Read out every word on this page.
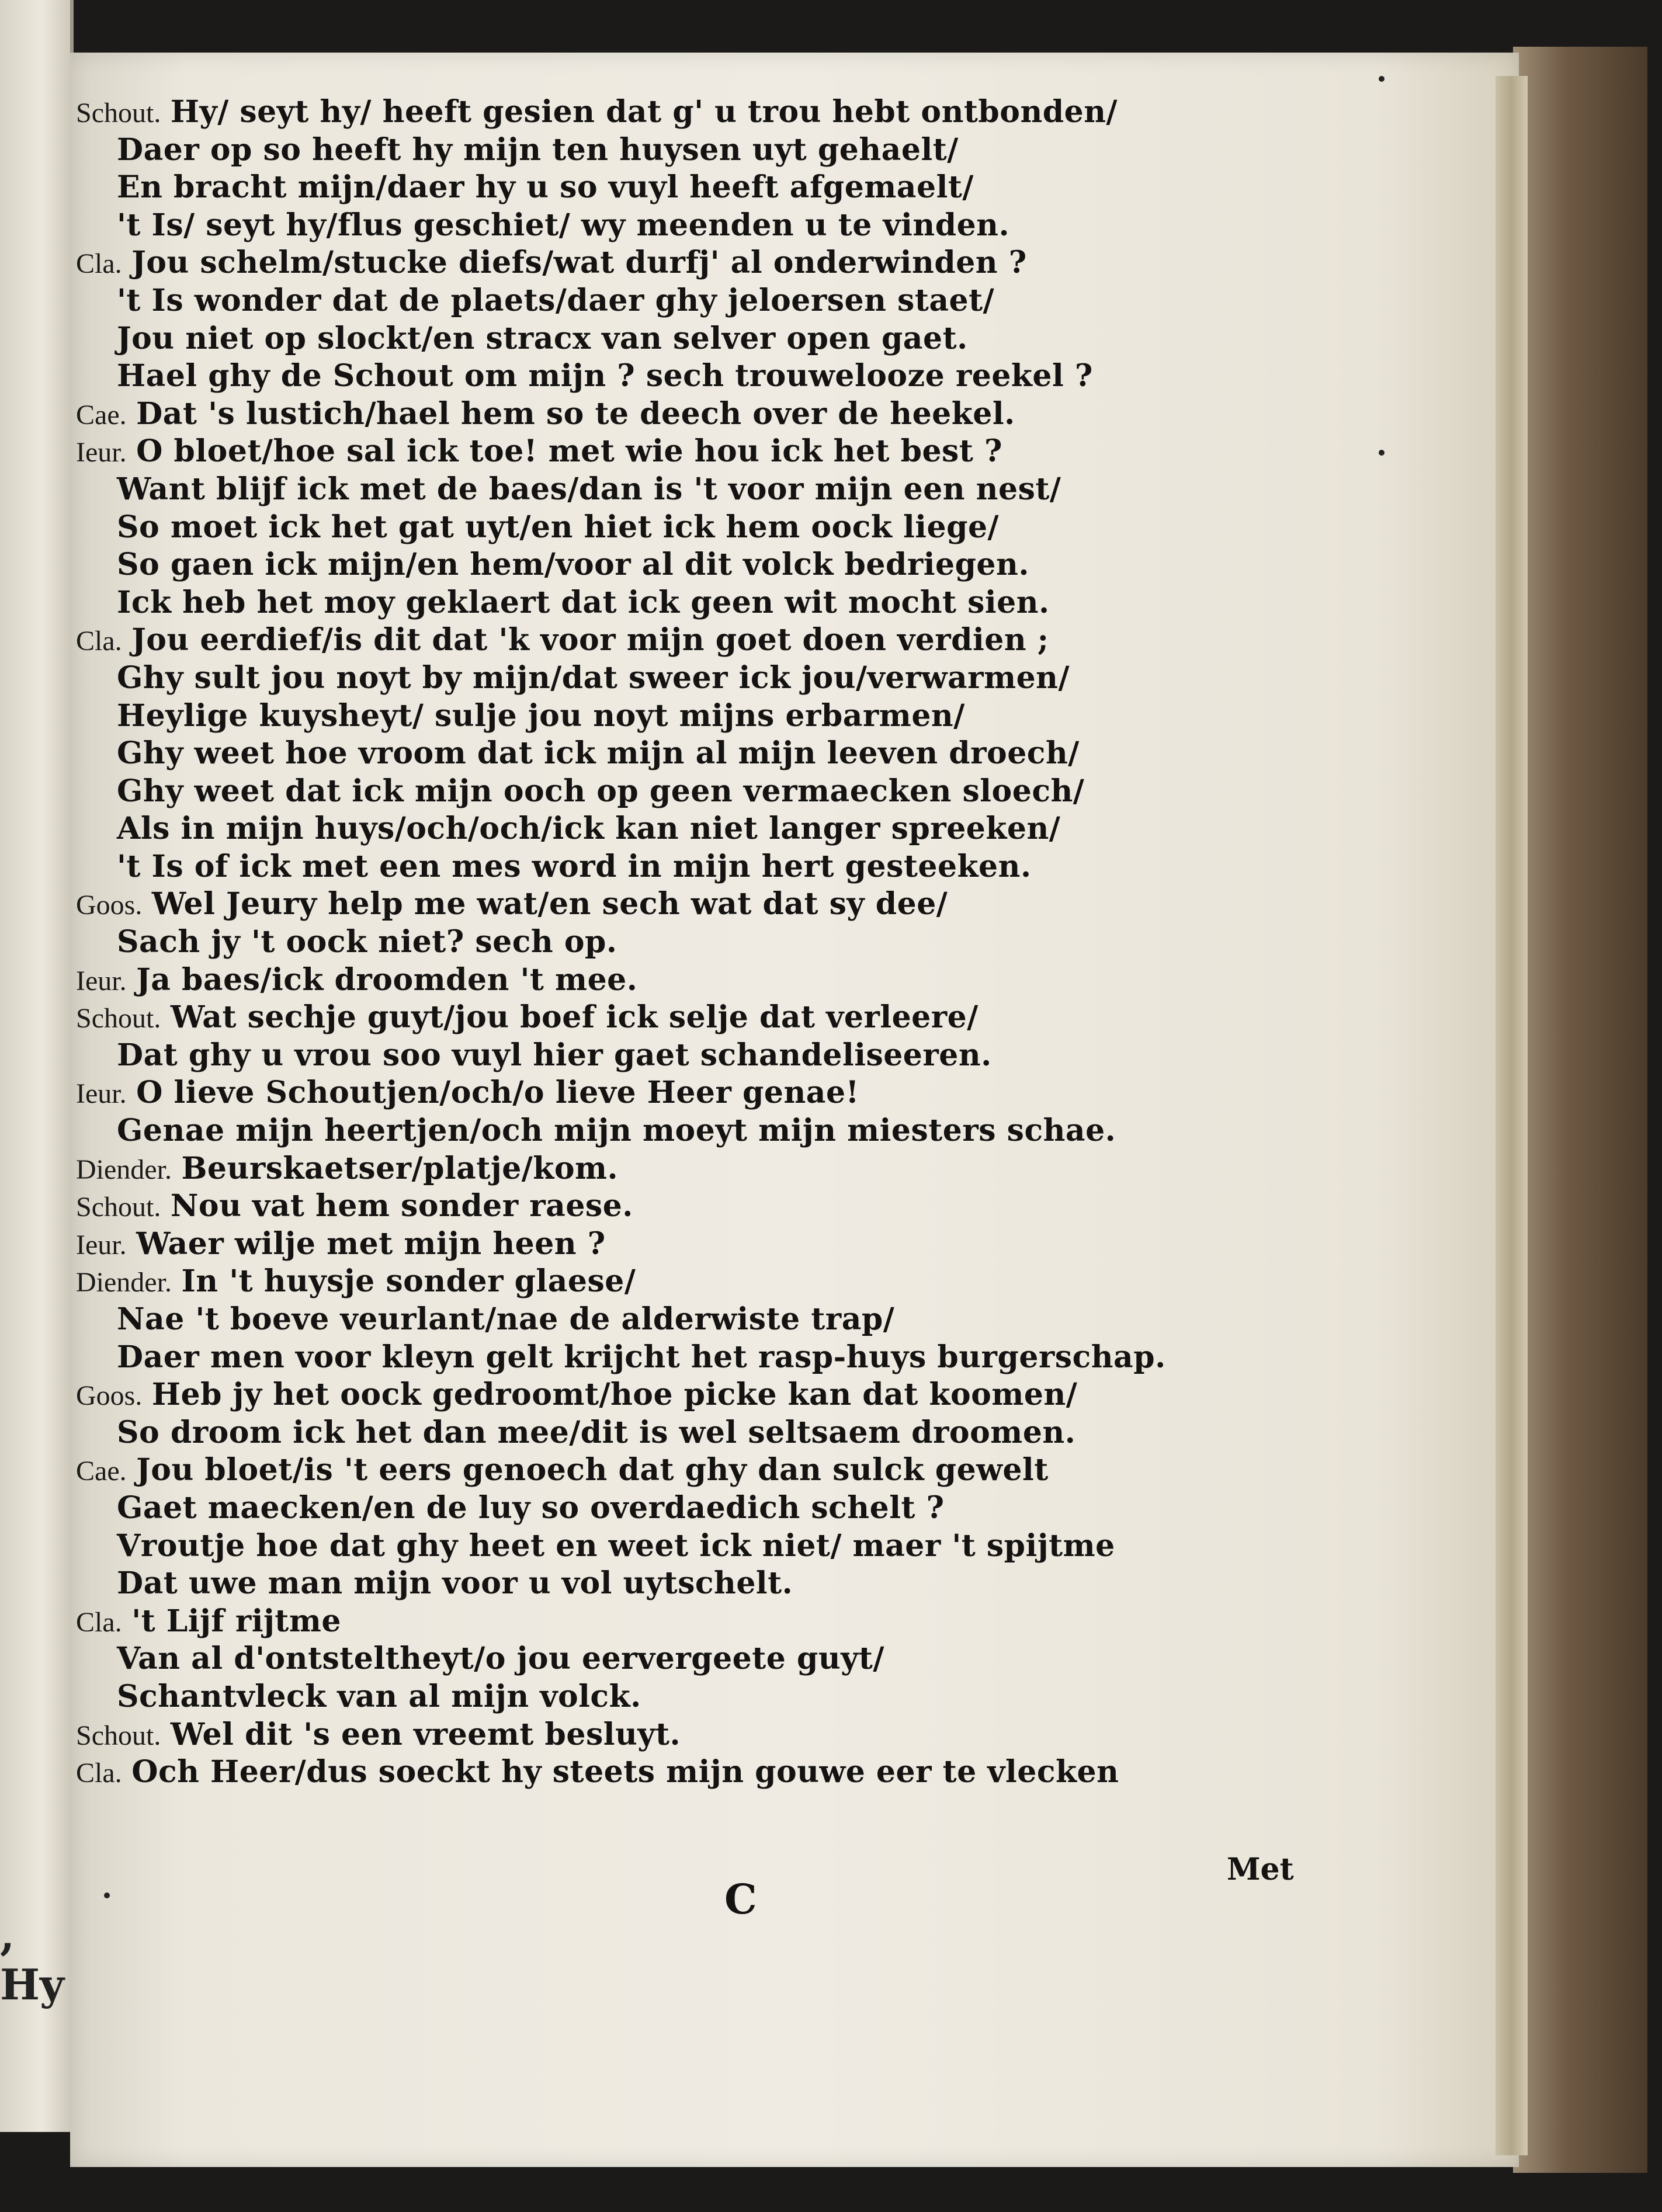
, Hy
Schout. Hy/ seyt hy/ heeft gesien dat g' u trou hebt ontbonden/
Daer op so heeft hy mijn ten huysen uyt gehaelt/
En bracht mijn/daer hy u so vuyl heeft afgemaelt/
't Is/ seyt hy/flus geschiet/ wy meenden u te vinden.
Cla. Jou schelm/stucke diefs/wat durfj' al onderwinden ?
't Is wonder dat de plaets/daer ghy jeloersen staet/
Jou niet op slockt/en stracx van selver open gaet.
Hael ghy de Schout om mijn ? sech trouwelooze reekel ?
Cae. Dat 's lustich/hael hem so te deech over de heekel.
Ieur. O bloet/hoe sal ick toe! met wie hou ick het best ?
Want blijf ick met de baes/dan is 't voor mijn een nest/
So moet ick het gat uyt/en hiet ick hem oock liege/
So gaen ick mijn/en hem/voor al dit volck bedriegen.
Ick heb het moy geklaert dat ick geen wit mocht sien.
Cla. Jou eerdief/is dit dat 'k voor mijn goet doen verdien ;
Ghy sult jou noyt by mijn/dat sweer ick jou/verwarmen/
Heylige kuysheyt/ sulje jou noyt mijns erbarmen/
Ghy weet hoe vroom dat ick mijn al mijn leeven droech/
Ghy weet dat ick mijn ooch op geen vermaecken sloech/
Als in mijn huys/och/och/ick kan niet langer spreeken/
't Is of ick met een mes word in mijn hert gesteeken.
Goos. Wel Jeury help me wat/en sech wat dat sy dee/
Sach jy 't oock niet? sech op.
Ieur. Ja baes/ick droomden 't mee.
Schout. Wat sechje guyt/jou boef ick selje dat verleere/
Dat ghy u vrou soo vuyl hier gaet schandeliseeren.
Ieur. O lieve Schoutjen/och/o lieve Heer genae!
Genae mijn heertjen/och mijn moeyt mijn miesters schae.
Diender. Beurskaetser/platje/kom.
Schout. Nou vat hem sonder raese.
Ieur. Waer wilje met mijn heen ?
Diender. In 't huysje sonder glaese/
Nae 't boeve veurlant/nae de alderwiste trap/
Daer men voor kleyn gelt krijcht het rasp-huys burgerschap.
Goos. Heb jy het oock gedroomt/hoe picke kan dat koomen/
So droom ick het dan mee/dit is wel seltsaem droomen.
Cae. Jou bloet/is 't eers genoech dat ghy dan sulck gewelt
Gaet maecken/en de luy so overdaedich schelt ?
Vroutje hoe dat ghy heet en weet ick niet/ maer 't spijtme
Dat uwe man mijn voor u vol uytschelt.
Cla. 't Lijf rijtme
Van al d'ontsteltheyt/o jou eervergeete guyt/
Schantvleck van al mijn volck.
Schout. Wel dit 's een vreemt besluyt.
Cla. Och Heer/dus soeckt hy steets mijn gouwe eer te vlecken
C
Met
